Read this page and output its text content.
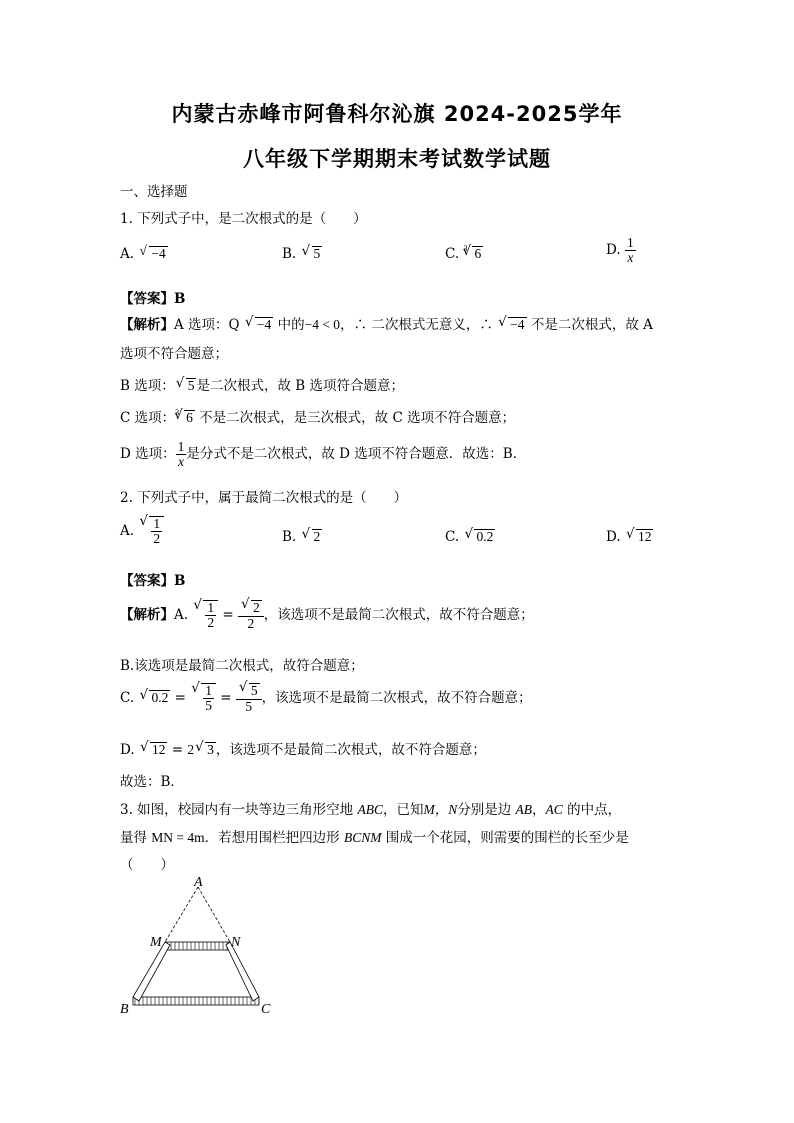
内蒙古赤峰市阿鲁科尔沁旗 2024-2025学年
八年级下学期期末考试数学试题
一、选择题
1. 下列式子中，是二次根式的是（　　）
A. √ −4	B. √ 5	C. $^3$ √ 6	D. $\frac{1}{x}$
【答案】B
【解析】A 选项：Q √ −4 中的−4 < 0，∴ 二次根式无意义，∴ √ −4 不是二次根式，故 A
选项不符合题意；
B 选项： √ 5 是二次根式，故 B 选项符合题意；
C 选项：$^3$ √ 6 不是二次根式，是三次根式，故 C 选项不符合题意；
D 选项： $\frac{1}{x}$ 是分式不是二次根式，故 D 选项不符合题意．故选：B．
2. 下列式子中，属于最简二次根式的是（　　）
A. √ $\frac{1}{2}$	B. √ 2	C. √ 0.2	D. √ 12
【答案】B
【解析】A. √ $\frac{1}{2}$ = √ $\frac{2}{2}$ ，该选项不是最简二次根式，故不符合题意；
B.该选项是最简二次根式，故符合题意；
C. √ 0.2 = √ $\frac{1}{5}$ = √ $\frac{5}{5}$ ，该选项不是最简二次根式，故不符合题意；
D. √ 12 = 2 √ 3 ，该选项不是最简二次根式，故不符合题意；
故选：B．
3. 如图，校园内有一块等边三角形空地 ABC，已知M，N分别是边 AB，AC 的中点，
量得 MN = 4m．若想用围栏把四边形 BCNM 围成一个花园，则需要的围栏的长至少是
（　　）
A
M	N
B	C
